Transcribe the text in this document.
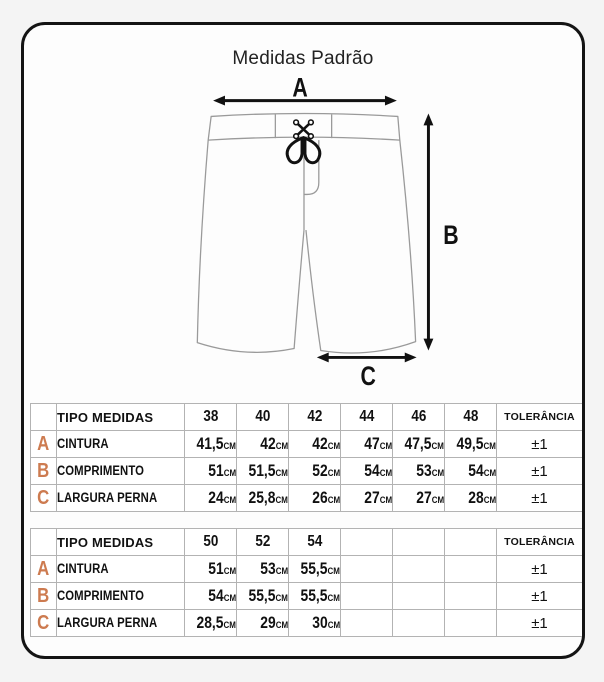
Medidas Padrão
A
B
C
	TIPO MEDIDAS	38	40	42	44	46	48	TOLERÂNCIA
A	CINTURA	41,5CM	42CM	42CM	47CM	47,5CM	49,5CM	±1
B	COMPRIMENTO	51CM	51,5CM	52CM	54CM	53CM	54CM	±1
C	LARGURA PERNA	24CM	25,8CM	26CM	27CM	27CM	28CM	±1
	TIPO MEDIDAS	50	52	54				TOLERÂNCIA
A	CINTURA	51CM	53CM	55,5CM				±1
B	COMPRIMENTO	54CM	55,5CM	55,5CM				±1
C	LARGURA PERNA	28,5CM	29CM	30CM				±1
